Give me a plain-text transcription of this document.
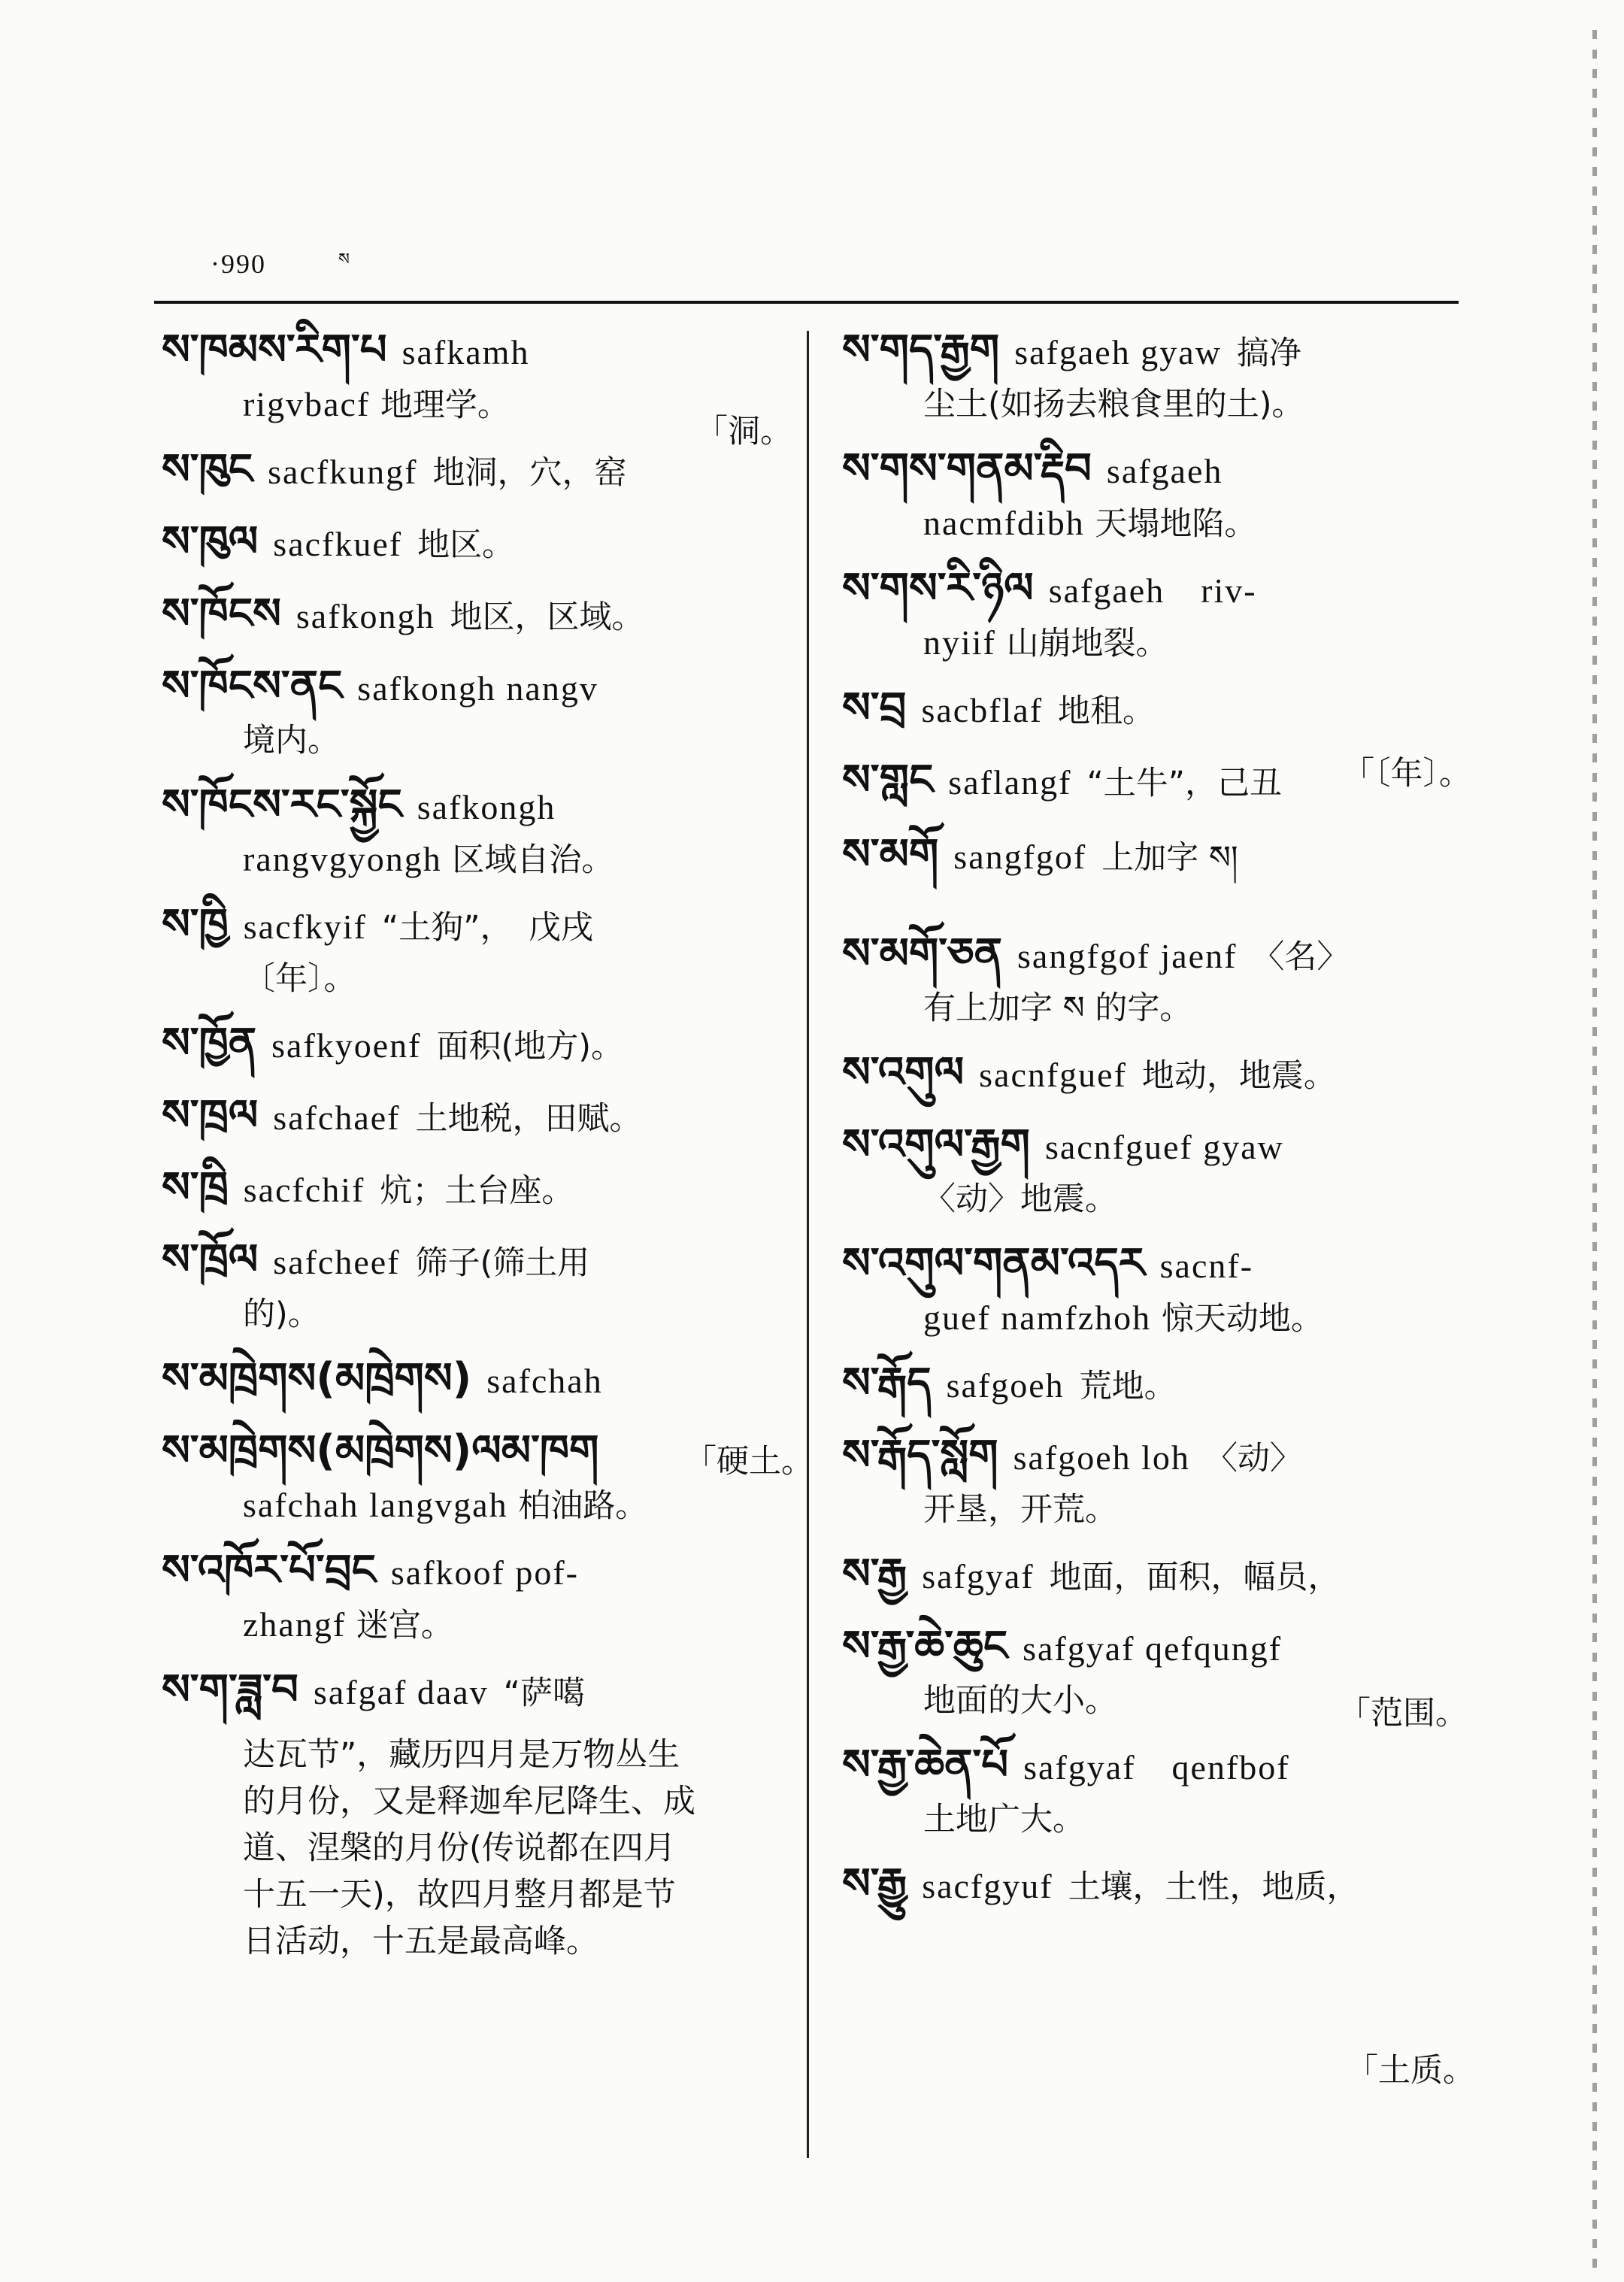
·990	ས
ས་ཁམས་རིག་པ safkamh
rigvbacf 地理学。
ས་ཁུང sacfkungf 地洞，穴，窑
ས་ཁུལ sacfkuef 地区。
ས་ཁོངས safkongh 地区，区域。
ས་ཁོངས་ནང safkongh nangv
境内。
ས་ཁོངས་རང་སྐྱོང safkongh
rangvgyongh 区域自治。
ས་ཁྱི sacfkyif “土狗”，　戊戌
〔年〕。
ས་ཁྱོན safkyoenf 面积(地方)。
ས་ཁྲལ safchaef 土地税，田赋。
ས་ཁྲི sacfchif 炕；土台座。
ས་ཁྲོལ safcheef 筛子(筛土用
的)。
ས་མཁྲེགས(མཁྲེགས) safchah
ས་མཁྲེགས(མཁྲེགས)ལམ་ཁག
safchah langvgah 柏油路。
ས་འཁོར་པོ་བྲང safkoof pof-
zhangf 迷宫。
ས་ག་ཟླ་བ safgaf daav “萨噶
达瓦节”，藏历四月是万物丛生
的月份，又是释迦牟尼降生、成
道、涅槃的月份(传说都在四月
十五一天)，故四月整月都是节
日活动，十五是最高峰。
ས་གད་རྒྱག safgaeh gyaw 搞净
尘土(如扬去粮食里的土)。
ས་གས་གནམ་རྡིབ safgaeh
nacmfdibh 天塌地陷。
ས་གས་རི་ཉིལ safgaeh　riv-
nyiif 山崩地裂。
ས་བྲ sacbflaf 地租。
ས་གླང saflangf “土牛”，己丑
ས་མགོ sangfgof 上加字 ས།
ས་མགོ་ཅན sangfgof jaenf 〈名〉
有上加字 ས 的字。
ས་འགུལ sacnfguef 地动，地震。
ས་འགུལ་རྒྱག sacnfguef gyaw
〈动〉地震。
ས་འགུལ་གནམ་འདར sacnf-
guef namfzhoh 惊天动地。
ས་རྒོད safgoeh 荒地。
ས་རྒོད་སློག safgoeh loh 〈动〉
开垦，开荒。
ས་རྒྱ safgyaf 地面，面积，幅员，
ས་རྒྱ་ཆེ་ཆུང safgyaf qefqungf
地面的大小。
ས་རྒྱ་ཆེན་པོ safgyaf　qenfbof
土地广大。
ས་རྒྱུ sacfgyuf 土壤，土性，地质，
「洞。
「硬土。
「〔年〕。
「范围。
「土质。
